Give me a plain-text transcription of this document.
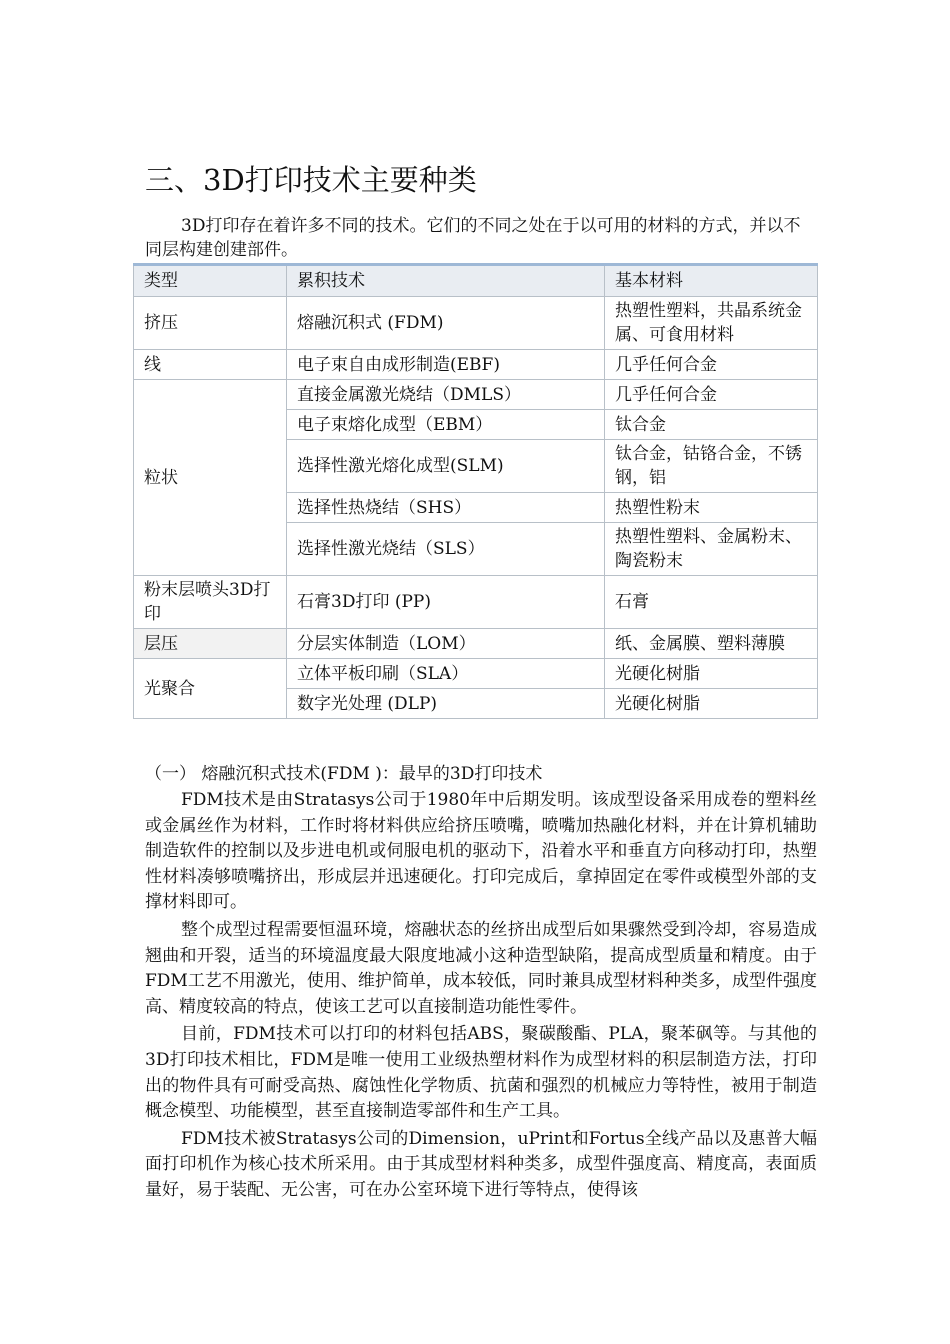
三、3D打印技术主要种类

3D打印存在着许多不同的技术。它们的不同之处在于以可用的材料的方式，并以不同层构建创建部件。

类型	累积技术	基本材料
挤压	熔融沉积式 (FDM)	热塑性塑料，共晶系统金属、可食用材料
线	电子束自由成形制造(EBF)	几乎任何合金
粒状	直接金属激光烧结（DMLS）	几乎任何合金
	电子束熔化成型（EBM）	钛合金
	选择性激光熔化成型(SLM)	钛合金，钴铬合金，不锈钢，铝
	选择性热烧结（SHS）	热塑性粉末
	选择性激光烧结（SLS）	热塑性塑料、金属粉末、陶瓷粉末
粉末层喷头3D打印	石膏3D打印 (PP)	石膏
层压	分层实体制造（LOM）	纸、金属膜、塑料薄膜
光聚合	立体平板印刷（SLA）	光硬化树脂
	数字光处理 (DLP)	光硬化树脂
（一） 熔融沉积式技术(FDM )：最早的3D打印技术

FDM技术是由Stratasys公司于1980年中后期发明。该成型设备采用成卷的塑料丝或金属丝作为材料，工作时将材料供应给挤压喷嘴，喷嘴加热融化材料，并在计算机辅助制造软件的控制以及步进电机或伺服电机的驱动下，沿着水平和垂直方向移动打印，热塑性材料凑够喷嘴挤出，形成层并迅速硬化。打印完成后，拿掉固定在零件或模型外部的支撑材料即可。

整个成型过程需要恒温环境，熔融状态的丝挤出成型后如果骤然受到冷却，容易造成翘曲和开裂，适当的环境温度最大限度地减小这种造型缺陷，提高成型质量和精度。由于FDM工艺不用激光，使用、维护简单，成本较低，同时兼具成型材料种类多，成型件强度高、精度较高的特点，使该工艺可以直接制造功能性零件。

目前，FDM技术可以打印的材料包括ABS，聚碳酸酯、PLA，聚苯砜等。与其他的3D打印技术相比，FDM是唯一使用工业级热塑材料作为成型材料的积层制造方法，打印出的物件具有可耐受高热、腐蚀性化学物质、抗菌和强烈的机械应力等特性，被用于制造概念模型、功能模型，甚至直接制造零部件和生产工具。

FDM技术被Stratasys公司的Dimension，uPrint和Fortus全线产品以及惠普大幅面打印机作为核心技术所采用。由于其成型材料种类多，成型件强度高、精度高，表面质量好，易于装配、无公害，可在办公室环境下进行等特点，使得该
